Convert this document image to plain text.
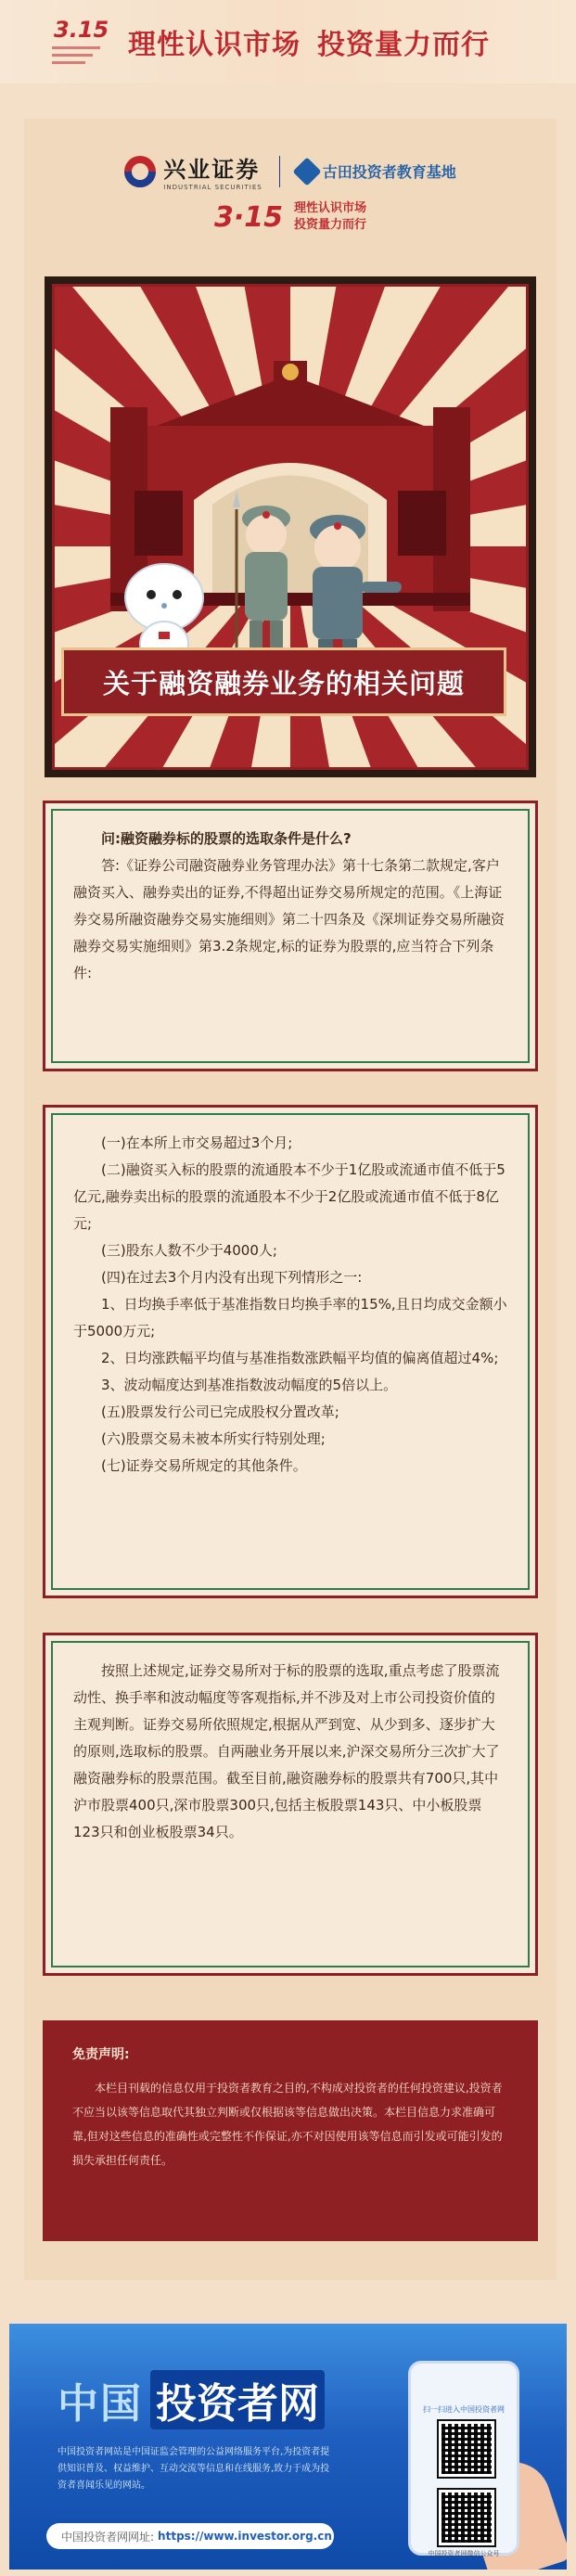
3.15 理性认识市场 投资量力而行
兴业证券
INDUSTRIAL SECURITIES
古田投资者教育基地
3·15 理性认识市场
投资量力而行
关于融资融券业务的相关问题

问:融资融券标的股票的选取条件是什么?

答:《证券公司融资融券业务管理办法》第十七条第二款规定,客户融资买入、融券卖出的证券,不得超出证券交易所规定的范围。《上海证券交易所融资融券交易实施细则》第二十四条及《深圳证券交易所融资融券交易实施细则》第3.2条规定,标的证券为股票的,应当符合下列条件:

(一)在本所上市交易超过3个月;

(二)融资买入标的股票的流通股本不少于1亿股或流通市值不低于5亿元,融券卖出标的股票的流通股本不少于2亿股或流通市值不低于8亿元;

(三)股东人数不少于4000人;

(四)在过去3个月内没有出现下列情形之一:

1、日均换手率低于基准指数日均换手率的15%,且日均成交金额小于5000万元;

2、日均涨跌幅平均值与基准指数涨跌幅平均值的偏离值超过4%;

3、波动幅度达到基准指数波动幅度的5倍以上。

(五)股票发行公司已完成股权分置改革;

(六)股票交易未被本所实行特别处理;

(七)证券交易所规定的其他条件。

按照上述规定,证券交易所对于标的股票的选取,重点考虑了股票流动性、换手率和波动幅度等客观指标,并不涉及对上市公司投资价值的主观判断。证券交易所依照规定,根据从严到宽、从少到多、逐步扩大的原则,选取标的股票。自两融业务开展以来,沪深交易所分三次扩大了融资融券标的股票范围。截至目前,融资融券标的股票共有700只,其中沪市股票400只,深市股票300只,包括主板股票143只、中小板股票123只和创业板股票34只。

免责声明:

本栏目刊载的信息仅用于投资者教育之目的,不构成对投资者的任何投资建议,投资者不应当以该等信息取代其独立判断或仅根据该等信息做出决策。本栏目信息力求准确可靠,但对这些信息的准确性或完整性不作保证,亦不对因使用该等信息而引发或可能引发的损失承担任何责任。

中国 投资者网
中国投资者网站是中国证监会管理的公益网络服务平台,为投资者提供知识普及、权益维护、互动交流等信息和在线服务,致力于成为投资者喜闻乐见的网站。
中国投资者网网址: https://www.investor.org.cn
扫一扫进入中国投资者网
中国投资者网微信公众号
